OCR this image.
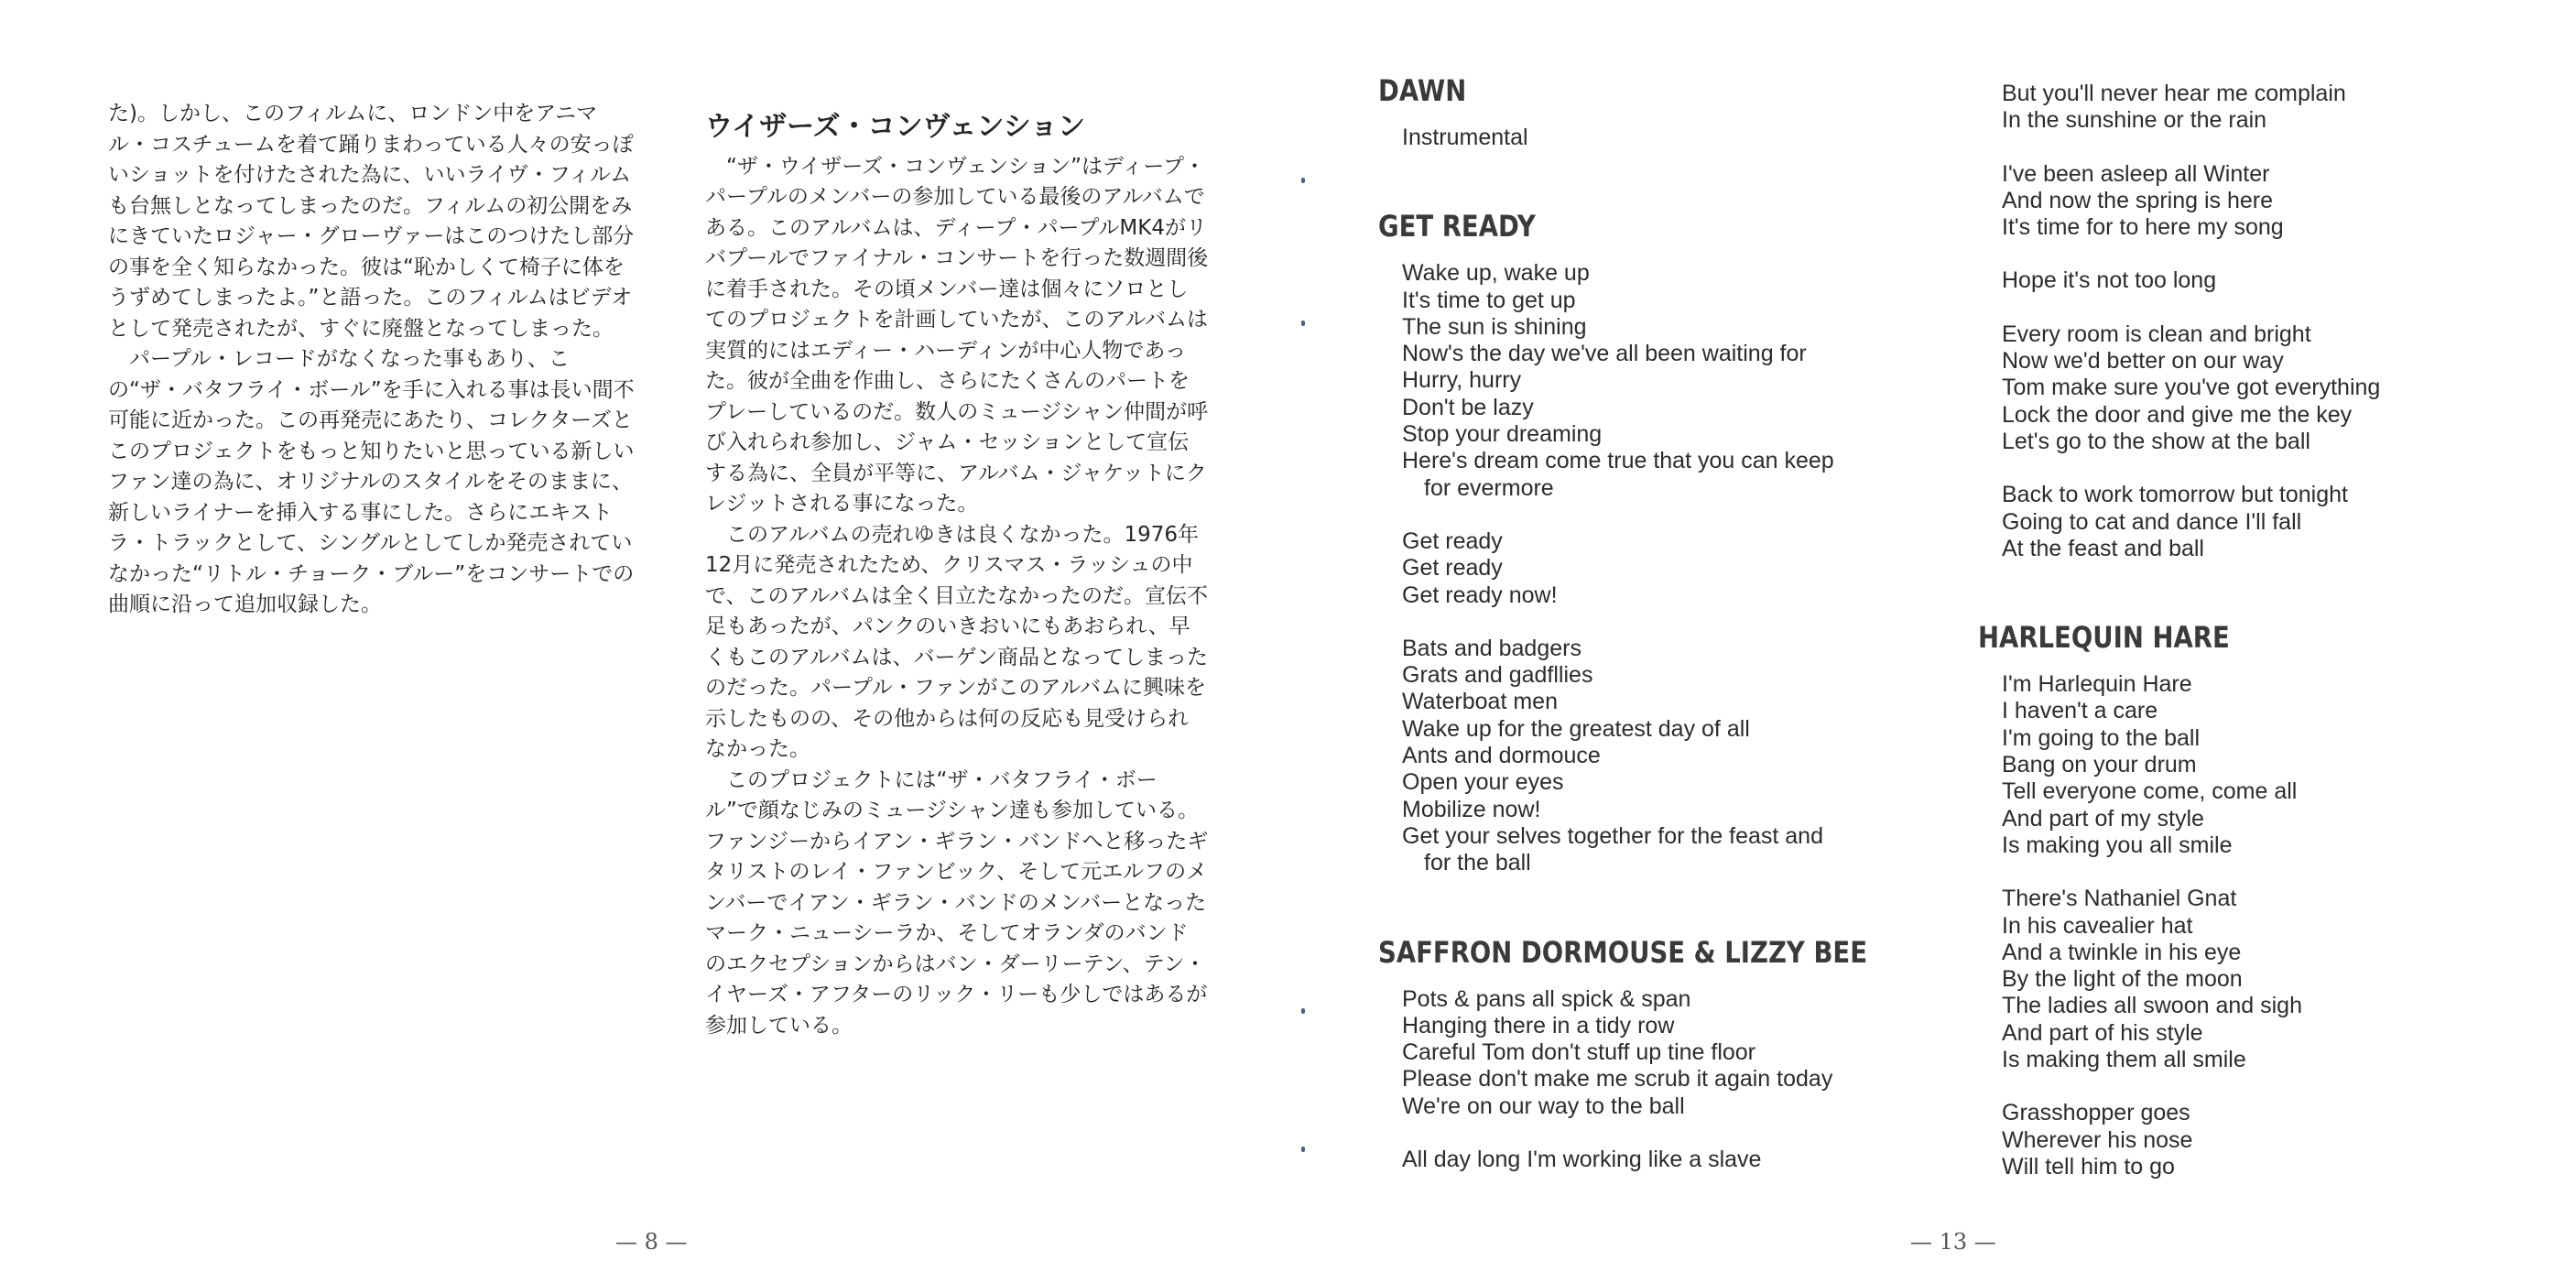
た)。しかし、このフィルムに、ロンドン中をアニマル・コスチュームを着て踊りまわっている人々の安っぽいショットを付けたされた為に、いいライヴ・フィルムも台無しとなってしまったのだ。フィルムの初公開をみにきていたロジャー・グローヴァーはこのつけたし部分の事を全く知らなかった。彼は“恥かしくて椅子に体をうずめてしまったよ。”と語った。このフィルムはビデオとして発売されたが、すぐに廃盤となってしまった。

パープル・レコードがなくなった事もあり、この“ザ・バタフライ・ボール”を手に入れる事は長い間不可能に近かった。この再発売にあたり、コレクターズとこのプロジェクトをもっと知りたいと思っている新しいファン達の為に、オリジナルのスタイルをそのままに、新しいライナーを挿入する事にした。さらにエキストラ・トラックとして、シングルとしてしか発売されていなかった“リトル・チョーク・ブルー”をコンサートでの曲順に沿って追加収録した。

ウイザーズ・コンヴェンション

“ザ・ウイザーズ・コンヴェンション”はディープ・パープルのメンバーの参加している最後のアルバムである。このアルバムは、ディープ・パープルMK4がリバプールでファイナル・コンサートを行った数週間後に着手された。その頃メンバー達は個々にソロとしてのプロジェクトを計画していたが、このアルバムは実質的にはエディー・ハーディンが中心人物であった。彼が全曲を作曲し、さらにたくさんのパートをプレーしているのだ。数人のミュージシャン仲間が呼び入れられ参加し、ジャム・セッションとして宣伝する為に、全員が平等に、アルバム・ジャケットにクレジットされる事になった。

このアルバムの売れゆきは良くなかった。1976年12月に発売されたため、クリスマス・ラッシュの中で、このアルバムは全く目立たなかったのだ。宣伝不足もあったが、パンクのいきおいにもあおられ、早くもこのアルバムは、バーゲン商品となってしまったのだった。パープル・ファンがこのアルバムに興味を示したものの、その他からは何の反応も見受けられなかった。

このプロジェクトには“ザ・バタフライ・ボール”で顔なじみのミュージシャン達も参加している。ファンジーからイアン・ギラン・バンドへと移ったギタリストのレイ・ファンビック、そして元エルフのメンバーでイアン・ギラン・バンドのメンバーとなったマーク・ニューシーラか、そしてオランダのバンドのエクセプションからはバン・ダーリーテン、テン・イヤーズ・アフターのリック・リーも少しではあるが参加している。

— 8 —
DAWN
Instrumental
GET READY
Wake up, wake up
It's time to get up
The sun is shining
Now's the day we've all been waiting for
Hurry, hurry
Don't be lazy
Stop your dreaming
Here's dream come true that you can keep
for evermore
Get ready
Get ready
Get ready now!
Bats and badgers
Grats and gadfllies
Waterboat men
Wake up for the greatest day of all
Ants and dormouce
Open your eyes
Mobilize now!
Get your selves together for the feast and
for the ball
SAFFRON DORMOUSE & LIZZY BEE
Pots & pans all spick & span
Hanging there in a tidy row
Careful Tom don't stuff up tine floor
Please don't make me scrub it again today
We're on our way to the ball
All day long I'm working like a slave
But you'll never hear me complain
In the sunshine or the rain
I've been asleep all Winter
And now the spring is here
It's time for to here my song
Hope it's not too long
Every room is clean and bright
Now we'd better on our way
Tom make sure you've got everything
Lock the door and give me the key
Let's go to the show at the ball
Back to work tomorrow but tonight
Going to cat and dance I'll fall
At the feast and ball
HARLEQUIN HARE
I'm Harlequin Hare
I haven't a care
I'm going to the ball
Bang on your drum
Tell everyone come, come all
And part of my style
Is making you all smile
There's Nathaniel Gnat
In his cavealier hat
And a twinkle in his eye
By the light of the moon
The ladies all swoon and sigh
And part of his style
Is making them all smile
Grasshopper goes
Wherever his nose
Will tell him to go
— 13 —
